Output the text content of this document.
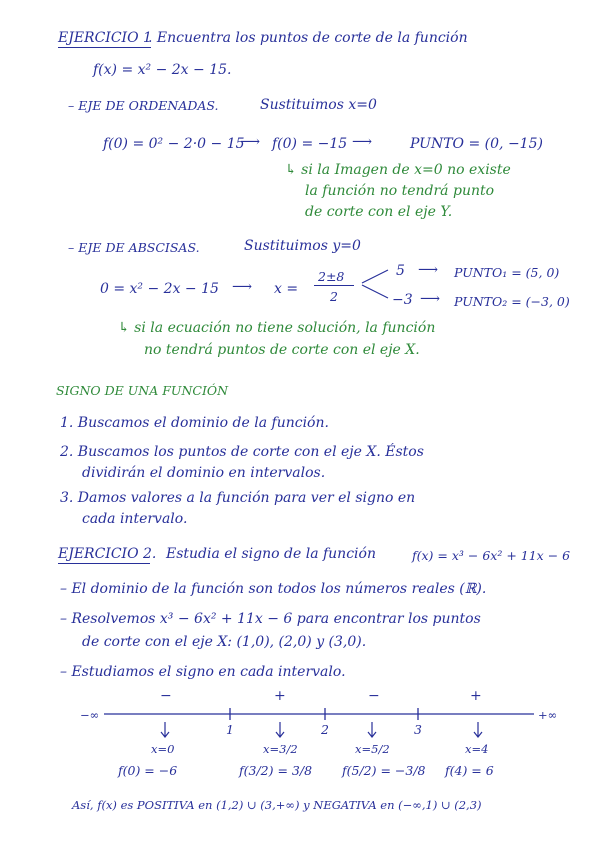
EJERCICIO 1
. Encuentra los puntos de corte de la función
f(x) = x² − 2x − 15.
– EJE DE ORDENADAS.	Sustituimos x=0
f(0) = 0² − 2·0 − 15
⟶ f(0) = −15 ⟶	PUNTO = (0, −15)
↳ si la Imagen de x=0 no existe
la función no tendrá punto
de corte con el eje Y.
– EJE DE ABSCISAS.	Sustituimos y=0
0 = x² − 2x − 15 ⟶ x =
2±8
2
5 ⟶ PUNTO₁ = (5, 0)
−3 ⟶ PUNTO₂ = (−3, 0)
↳ si la ecuación no tiene solución, la función
no tendrá puntos de corte con el eje X.
SIGNO DE UNA FUNCIÓN
1. Buscamos el dominio de la función.
2. Buscamos los puntos de corte con el eje X. Éstos
dividirán el dominio en intervalos.
3. Damos valores a la función para ver el signo en
cada intervalo.
EJERCICIO 2. Estudia el signo de la función	f(x) = x³ − 6x² + 11x − 6
– El dominio de la función son todos los números reales (ℝ).
– Resolvemos x³ − 6x² + 11x − 6 para encontrar los puntos
de corte con el eje X: (1,0), (2,0) y (3,0).
– Estudiamos el signo en cada intervalo.
−∞	+∞
−	+	−	+
1	2	3
x=0	x=3/2	x=5/2	x=4
f(0) = −6	f(3/2) = 3/8 f(5/2) = −3/8 f(4) = 6
Así, f(x) es POSITIVA en (1,2) ∪ (3,+∞) y NEGATIVA en (−∞,1) ∪ (2,3)
